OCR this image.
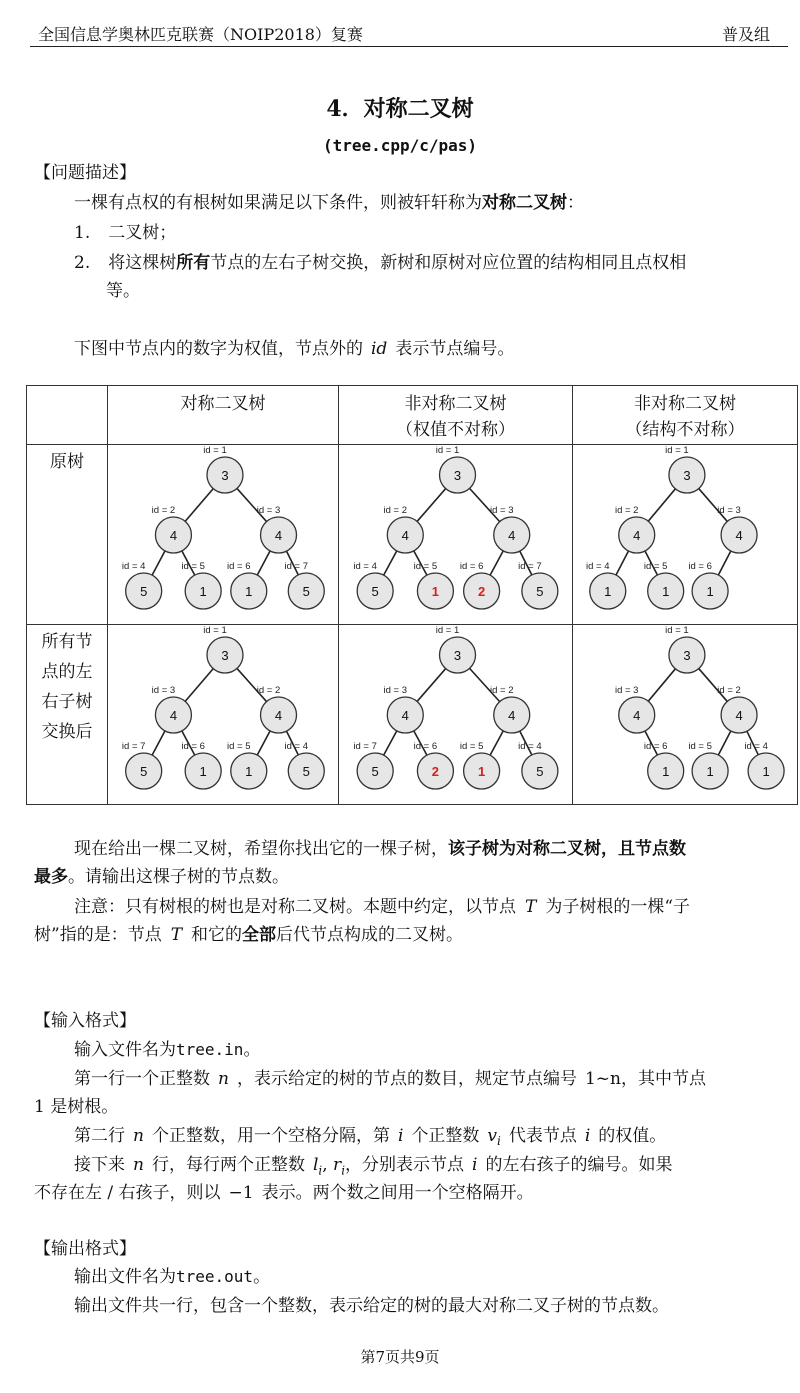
全国信息学奥林匹克联赛（NOIP2018）复赛	普及组
4．对称二叉树
(tree.cpp/c/pas)
【问题描述】
一棵有点权的有根树如果满足以下条件，则被轩轩称为对称二叉树：
1. 二叉树；
2. 将这棵树所有节点的左右子树交换，新树和原树对应位置的结构相同且点权相
等。
下图中节点内的数字为权值，节点外的 id 表示节点编号。
对称二叉树	非对称二叉树
（权值不对称）
非对称二叉树
（结构不对称）
原树
所有节
点的左
右子树
交换后
3
id = 1
4
id = 2
4
id = 3
5
id = 4
1
id = 5
1
id = 6
5
id = 7
3
id = 1
4
id = 2
4
id = 3
5
id = 4
1
id = 5
2
id = 6
5
id = 7
3
id = 1
4
id = 2
4
id = 3
1
id = 4
1
id = 5
1
id = 6
3
id = 1
4
id = 3
4
id = 2
5
id = 7
1
id = 6
1
id = 5
5
id = 4
3
id = 1
4
id = 3
4
id = 2
5
id = 7
2
id = 6
1
id = 5
5
id = 4
3
id = 1
4
id = 3
4
id = 2
1
id = 6
1
id = 5
1
id = 4
现在给出一棵二叉树，希望你找出它的一棵子树，该子树为对称二叉树，且节点数
最多。请输出这棵子树的节点数。
注意：只有树根的树也是对称二叉树。本题中约定，以节点 T 为子树根的一棵“子
树”指的是：节点 T 和它的全部后代节点构成的二叉树。
【输入格式】
输入文件名为tree.in。
第一行一个正整数 n ，表示给定的树的节点的数目，规定节点编号 1~n，其中节点
1 是树根。
第二行 n 个正整数，用一个空格分隔，第 i 个正整数 $v_i$ 代表节点 i 的权值。
接下来 n 行，每行两个正整数 $l_i$, $r_i$，分别表示节点 i 的左右孩子的编号。如果
不存在左 / 右孩子，则以 −1 表示。两个数之间用一个空格隔开。
【输出格式】
输出文件名为tree.out。
输出文件共一行，包含一个整数，表示给定的树的最大对称二叉子树的节点数。
第7页共9页
